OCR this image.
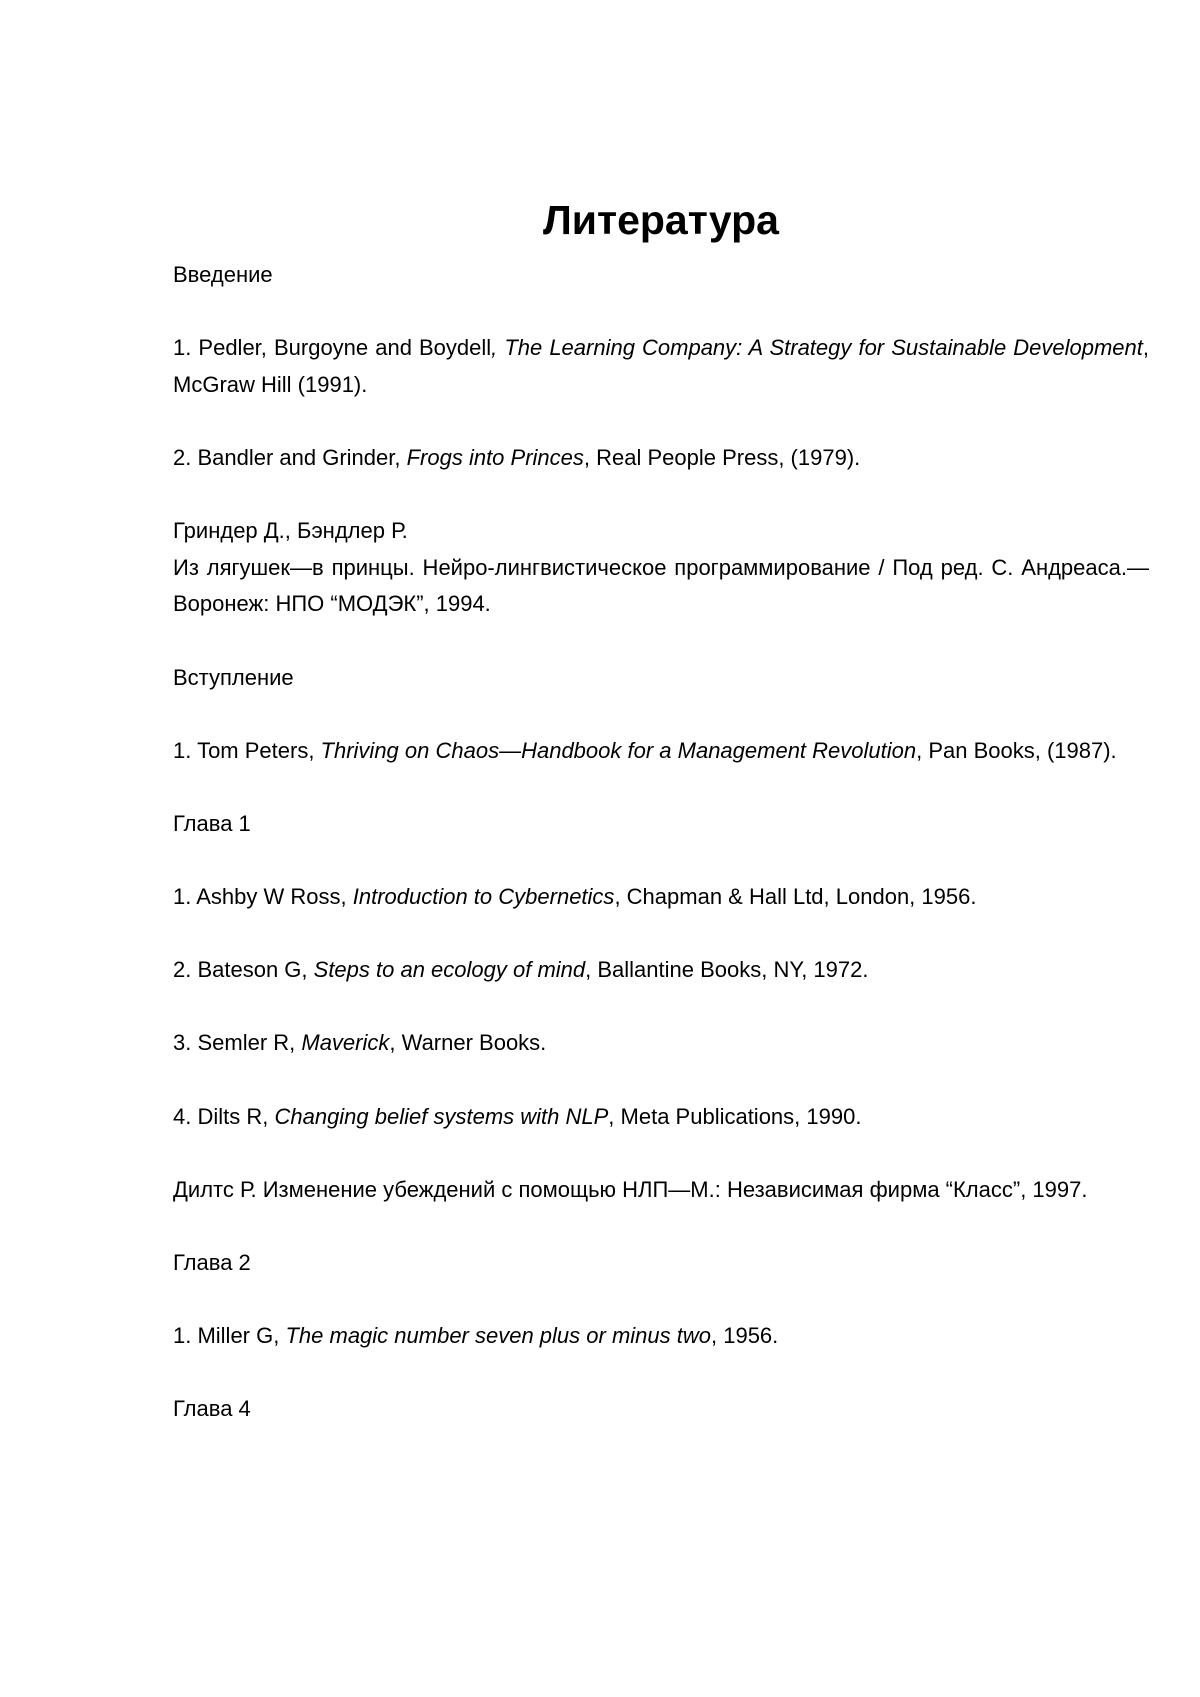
Литература

Введение

1. Pedler, Burgoyne and Boydell, The Learning Company: A Strategy for Sustainable Development, McGraw Hill (1991).

2. Bandler and Grinder, Frogs into Princes, Real People Press, (1979).

Гриндер Д., Бэндлер Р.

Из лягушек—в принцы. Нейро-лингвистическое программирование / Под ред. С. Андреаса.—Воронеж: НПО “МОДЭК”, 1994.

Вступление

1. Tom Peters, Thriving on Chaos—Handbook for a Management Revolution, Pan Books, (1987).

Глава 1

1. Ashby W Ross, Introduction to Cybernetics, Chapman & Hall Ltd, London, 1956.

2. Bateson G, Steps to an ecology of mind, Ballantine Books, NY, 1972.

3. Semler R, Maverick, Warner Books.

4. Dilts R, Changing belief systems with NLP, Meta Publications, 1990.

Дилтс Р. Изменение убеждений с помощью НЛП—М.: Независимая фирма “Класс”, 1997.

Глава 2

1. Miller G, The magic number seven plus or minus two, 1956.

Глава 4
